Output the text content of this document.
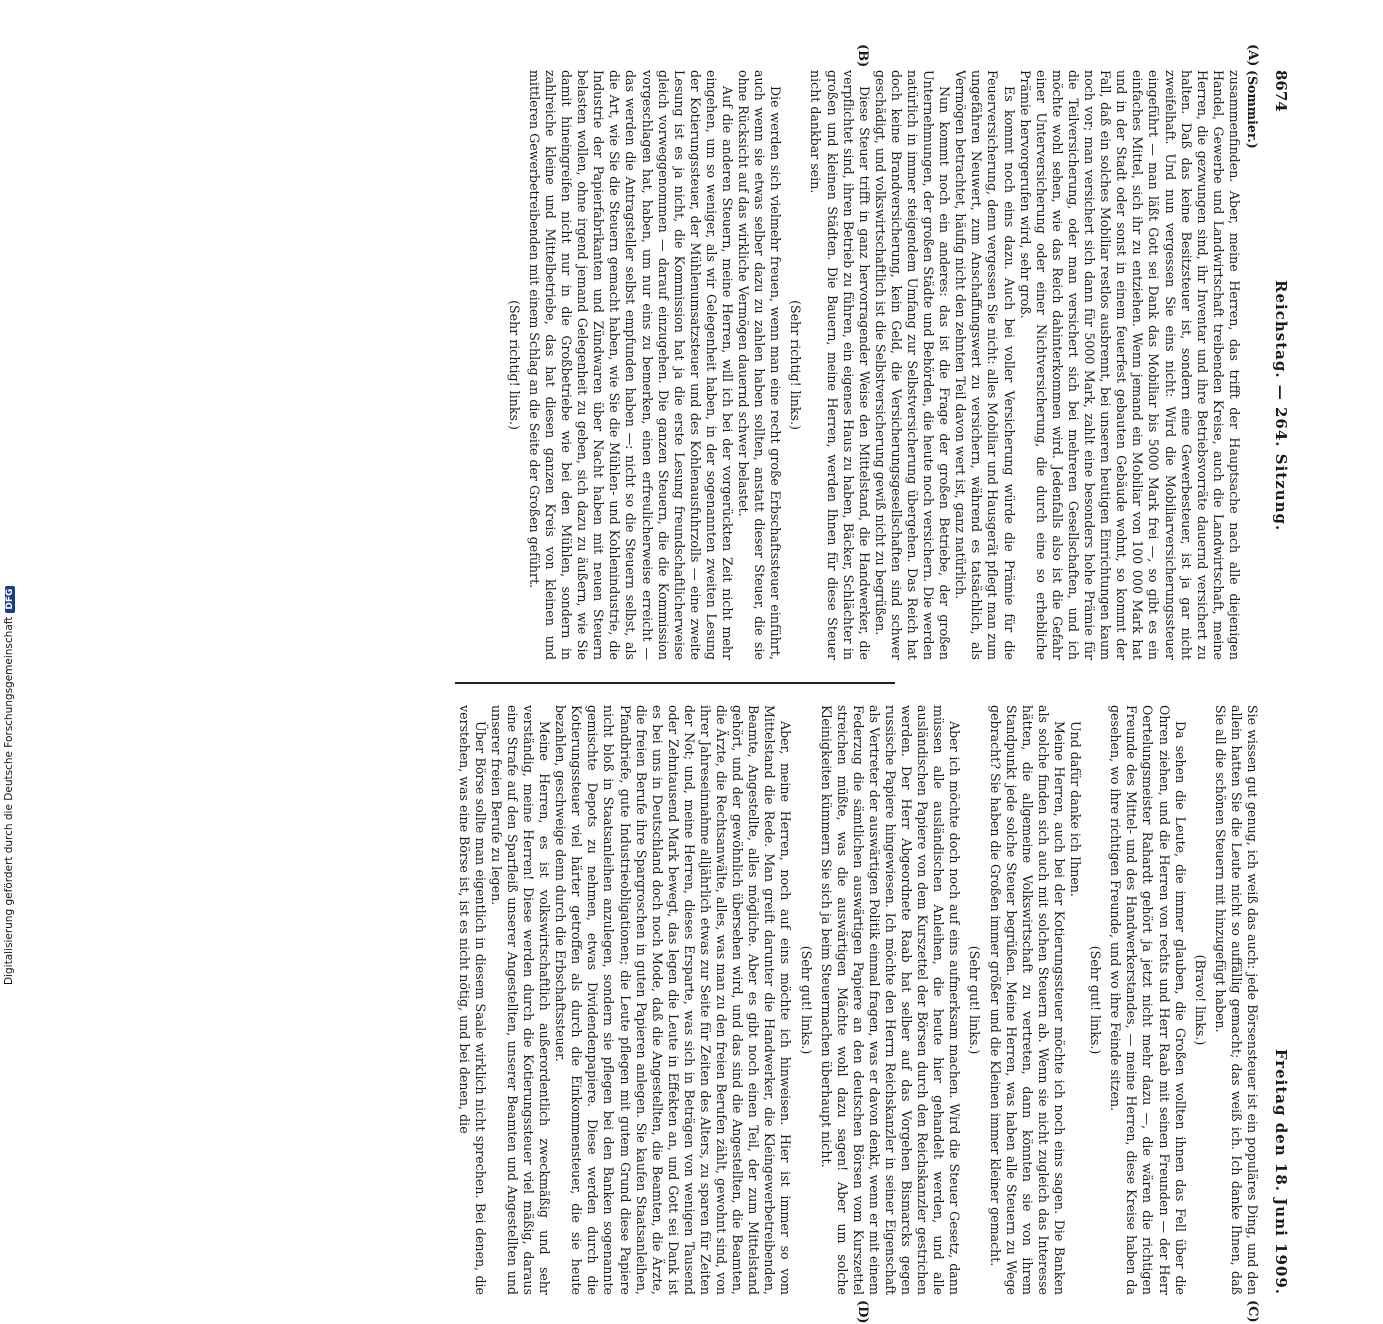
8674
Reichstag. — 264. Sitzung.
Freitag den 18. Juni 1909.
(A)
(B)
(C)
(D)
(Sommier.)

zusammenfinden. Aber, meine Herren, das trifft der Hauptsache nach alle diejenigen Handel, Gewerbe und Landwirtschaft treibenden Kreise, auch die Landwirtschaft, meine Herren, die gezwungen sind, ihr Inventar und ihre Betriebsvorräte dauernd versichert zu halten. Daß das keine Besitzsteuer ist, sondern eine Gewerbesteuer, ist ja gar nicht zweifelhaft. Und nun vergessen Sie eins nicht: Wird die Mobiliarversicherungssteuer eingeführt — man läßt Gott sei Dank das Mobiliar bis 5000 Mark frei —, so gibt es ein einfaches Mittel, sich ihr zu entziehen. Wenn jemand ein Mobiliar von 100 000 Mark hat und in der Stadt oder sonst in einem feuerfest gebauten Gebäude wohnt, so kommt der Fall, daß ein solches Mobiliar restlos ausbrennt, bei unseren heutigen Einrichtungen kaum noch vor; man versichert sich dann für 5000 Mark, zahlt eine besonders hohe Prämie für die Teilversicherung, oder man versichert sich bei mehreren Gesellschaften, und ich möchte wohl sehen, wie das Reich dahinterkommen wird. Jedenfalls also ist die Gefahr einer Unterversicherung oder einer Nichtversicherung, die durch eine so erhebliche Prämie hervorgerufen wird, sehr groß.

Es kommt noch eins dazu. Auch bei voller Versicherung würde die Prämie für die Feuerversicherung, denn vergessen Sie nicht: alles Mobiliar und Hausgerät pflegt man zum ungefähren Neuwert, zum Anschaffungswert zu versichern, während es tatsächlich, als Vermögen betrachtet, häufig nicht den zehnten Teil davon wert ist, ganz natürlich.

Nun kommt noch ein anderes: das ist die Frage der großen Betriebe, der großen Unternehmungen, der großen Städte und Behörden, die heute noch versichern. Die werden natürlich in immer steigendem Umfang zur Selbstversicherung übergehen. Das Reich hat doch keine Brandversicherung, kein Geld, die Versicherungsgesellschaften sind schwer geschädigt, und volkswirtschaftlich ist die Selbstversicherung gewiß nicht zu begrüßen.

Diese Steuer trifft in ganz hervorragender Weise den Mittelstand, die Handwerker, die verpflichtet sind, ihren Betrieb zu führen, ein eigenes Haus zu haben, Bäcker, Schlächter in großen und kleinen Städten. Die Bauern, meine Herren, werden Ihnen für diese Steuer nicht dankbar sein.

(Sehr richtig! links.)

Die werden sich vielmehr freuen, wenn man eine recht große Erbschaftssteuer einführt, auch wenn sie etwas selber dazu zu zahlen haben sollten, anstatt dieser Steuer, die sie ohne Rücksicht auf das wirkliche Vermögen dauernd schwer belastet.

Auf die anderen Steuern, meine Herren, will ich bei der vorgerückten Zeit nicht mehr eingehen, um so weniger, als wir Gelegenheit haben, in der sogenannten zweiten Lesung der Kotierungssteuer, der Mühlenumsatzsteuer und des Kohlenausfuhrzolls — eine zweite Lesung ist es ja nicht, die Kommission hat ja die erste Lesung freundschaftlicherweise gleich vorweggenommen — darauf einzugehen. Die ganzen Steuern, die die Kommission vorgeschlagen hat, haben, um nur eins zu bemerken, einen erfreulicherweise erreicht — das werden die Antragsteller selbst empfunden haben —: nicht so die Steuern selbst, als die Art, wie Sie die Steuern gemacht haben, wie Sie die Mühlen- und Kohlenindustrie, die Industrie der Papierfabrikanten und Zündwaren über Nacht haben mit neuen Steuern belasten wollen, ohne irgend jemand Gelegenheit zu geben, sich dazu zu äußern, wie Sie damit hineingreifen nicht nur in die Großbetriebe wie bei den Mühlen, sondern in zahlreiche kleine und Mittelbetriebe, das hat diesen ganzen Kreis von kleinen und mittleren Gewerbetreibenden mit einem Schlag an die Seite der Großen geführt.

(Sehr richtig! links.)

Sie wissen gut genug, ich weiß das auch: jede Börsensteuer ist ein populäres Ding, und den allein hatten Sie die Leute nicht so auffällig gemacht; das weiß ich. Ich danke Ihnen, daß Sie all die schönen Steuern mit hinzugefügt haben.

(Bravo! links.)

Da sehen die Leute, die immer glauben, die Großen wollten ihnen das Fell über die Ohren ziehen, und die Herren von rechts und Herr Raab mit seinen Freunden — der Herr Oertelungsmeister Rahardt gehört ja jetzt nicht mehr dazu —, die wären die richtigen Freunde des Mittel- und des Handwerkerstandes, — meine Herren, diese Kreise haben da gesehen, wo ihre richtigen Freunde, und wo ihre Feinde sitzen.

(Sehr gut! links.)

Und dafür danke ich Ihnen.

Meine Herren, auch bei der Kotierungssteuer möchte ich noch eins sagen. Die Banken als solche finden sich auch mit solchen Steuern ab. Wenn sie nicht zugleich das Interesse hätten, die allgemeine Volkswirtschaft zu vertreten, dann könnten sie von ihrem Standpunkt jede solche Steuer begrüßen. Meine Herren, was haben alle Steuern zu Wege gebracht? Sie haben die Großen immer größer und die Kleinen immer kleiner gemacht.

(Sehr gut! links.)

Aber ich möchte doch noch auf eins aufmerksam machen. Wird die Steuer Gesetz, dann müssen alle ausländischen Anleihen, die heute hier gehandelt werden, und alle ausländischen Papiere von dem Kurszettel der Börsen durch den Reichskanzler gestrichen werden. Der Herr Abgeordnete Raab hat selber auf das Vorgehen Bismarcks gegen russische Papiere hingewiesen. Ich möchte den Herrn Reichskanzler in seiner Eigenschaft als Vertreter der auswärtigen Politik einmal fragen, was er davon denkt, wenn er mit einem Federzug die sämtlichen auswärtigen Papiere an den deutschen Börsen vom Kurszettel streichen müßte, was die auswärtigen Mächte wohl dazu sagen! Aber um solche Kleinigkeiten kümmern Sie sich ja beim Steuermachen überhaupt nicht.

(Sehr gut! links.)

Aber, meine Herren, noch auf eins möchte ich hinweisen. Hier ist immer so vom Mittelstand die Rede. Man greift darunter die Handwerker, die Kleingewerbetreibenden, Beamte, Angestellte, alles mögliche. Aber es gibt noch einen Teil, der zum Mittelstand gehört, und der gewöhnlich übersehen wird, und das sind die Angestellten, die Beamten, die Ärzte, die Rechtsanwälte, alles, was man zu den freien Berufen zählt, gewohnt sind, von ihrer Jahreseinnahme alljährlich etwas zur Seite für Zeiten des Alters, zu sparen für Zeiten der Not; und, meine Herren, dieses Ersparte, was sich in Beträgen von wenigen Tausend oder Zehntausend Mark bewegt, das legen die Leute in Effekten an, und Gott sei Dank ist es bei uns in Deutschland doch noch Mode, daß die Angestellten, die Beamten, die Ärzte, die freien Berufe ihre Spargroschen in guten Papieren anlegen. Sie kaufen Staatsanleihen, Pfandbriefe, gute Industrieobligationen; die Leute pflegen mit gutem Grund diese Papiere nicht bloß in Staatsanleihen anzulegen, sondern sie pflegen bei den Banken sogenannte gemischte Depots zu nehmen, etwas Dividendenpapiere. Diese werden durch die Kotierungssteuer viel härter getroffen als durch die Einkommensteuer, die sie heute bezahlen, geschweige denn durch die Erbschaftssteuer.

Meine Herren, es ist volkswirtschaftlich außerordentlich zweckmäßig und sehr verständig, meine Herren! Diese werden durch die Kotierungssteuer viel mäßig, daraus eine Strafe auf den Sparfleiß unserer Angestellten, unserer Beamten und Angestellten und unserer freien Berufe zu legen.

Über Börse sollte man eigentlich in diesem Saale wirklich nicht sprechen. Bei denen, die verstehen, was eine Börse ist, ist es nicht nötig, und bei denen, die

Digitalisierung gefördert durch die Deutsche ForschungsgemeinschaftDFG
